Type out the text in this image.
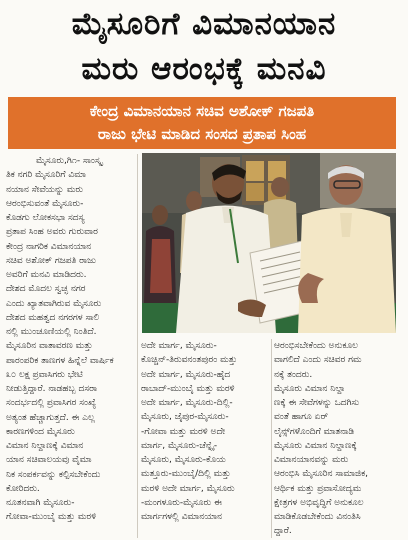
ಮೈಸೂರಿಗೆ ವಿಮಾನಯಾನ
ಮರು ಆರಂಭಕ್ಕೆ ಮನವಿ
ಕೇಂದ್ರ ವಿಮಾನಯಾನ ಸಚಿವ ಅಶೋಕ್ ಗಜಪತಿ
ರಾಜು ಭೇಟಿ ಮಾಡಿದ ಸಂಸದ ಪ್ರತಾಪ ಸಿಂಹ
ಮೈಸೂರು,ಗಿ೧- ಸಾಂಸ್ಕೃ
ತಿಕ ನಗರಿ ಮೈಸೂರಿಗೆ ವಿಮಾ
ನಯಾನ ಸೇವೆಯನ್ನು ಮರು
ಆರಂಭಿಸುವಂತೆ ಮೈಸೂರು-
ಕೊಡಗು ಲೋಕಸಭಾ ಸದಸ್ಯ
ಪ್ರತಾಪ ಸಿಂಹ ಅವರು ಗುರುವಾರ
ಕೇಂದ್ರ ನಾಗರಿಕ ವಿಮಾನಯಾನ
ಸಚಿವ ಅಶೋಕ್ ಗಜಪತಿ ರಾಜು
ಅವರಿಗೆ ಮನವಿ ಮಾಡಿದರು.
ದೇಶದ ಮೊದಲ ಸ್ವಚ್ಛ ನಗರ
ಎಂದು ಖ್ಯಾತವಾಗಿರುವ ಮೈಸೂರು
ದೇಶದ ಮಹತ್ವದ ನಗರಗಳ ಸಾಲಿ
ನಲ್ಲಿ ಮುಂಚೂಣಿಯಲ್ಲಿ ನಿಂತಿದೆ.
ಮೈಸೂರಿನ ವಾತಾವರಣ ಮತ್ತು
ಪಾರಂಪರಿಕ ತಾಣಗಳ ಹಿನ್ನೆಲೆ ವಾರ್ಷಿಕ
೩೦ ಲಕ್ಷ ಪ್ರವಾಸಿಗರು ಭೇಟಿ
ನೀಡುತ್ತಿದ್ದಾರೆ. ನಾಡಹಬ್ಬ ದಸರಾ
ಸಂದರ್ಭದಲ್ಲಿ ಪ್ರವಾಸಿಗರ ಸಂಖ್ಯೆ
ಅತ್ಯಂತ ಹೆಚ್ಚಾಗುತ್ತದೆ. ಈ ಎಲ್ಲ
ಕಾರಣಗಳಿಂದ ಮೈಸೂರು
ವಿಮಾನ ನಿಲ್ದಾಣಕ್ಕೆ ವಿಮಾನ
ಯಾನ ಸಚಿವಾಲಯವು ವೈಮಾ
ನಿಕ ಸಂಪರ್ಕವನ್ನು ಕಲ್ಪಿಸಬೇಕೆಂದು
ಕೋರಿದರು.
ನೂತನವಾಗಿ ಮೈಸೂರು-
ಗೋವಾ-ಮುಂಬೈ ಮತ್ತು ಮರಳಿ
ಅದೇ ಮಾರ್ಗ, ಮೈಸೂರು-
ಕೊಚ್ಚಿನ್-ತಿರುವನಂತಪುರಂ ಮತ್ತು
ಅದೇ ಮಾರ್ಗ, ಮೈಸೂರು-ಹೈದ
ರಾಬಾದ್-ಮುಂಬೈ ಮತ್ತು ಮರಳಿ
ಅದೇ ಮಾರ್ಗ, ಮೈಸೂರು-ದಿಲ್ಲಿ-
ಮೈಸೂರು, ಜೈಪುರ-ಮೈಸೂರು-
-ಗೋವಾ ಮತ್ತು ಮರಳಿ ಅದೇ
ಮಾರ್ಗ, ಮೈಸೂರು-ಚೆನ್ನೈ-
ಮೈಸೂರು, ಮೈಸೂರು-ಕೊಯ
ಮತ್ತೂರು-ಮುಂಬೈ/ದಿಲ್ಲಿ ಮತ್ತು
ಮರಳಿ ಅದೇ ಮಾರ್ಗ, ಮೈಸೂರು
-ಮಂಗಳೂರು-ಮೈಸೂರು ಈ
ಮಾರ್ಗಗಳಲ್ಲಿ ವಿಮಾನಯಾನ
ಆರಂಭಿಸಬೇಕೆಂದು ಅನುಕೂಲ
ವಾಗಲಿದೆ ಎಂದು ಸಚಿವರ ಗಮ
ನಕ್ಕೆ ತಂದರು.
ಮೈಸೂರು ವಿಮಾನ ನಿಲ್ದಾ
ಣಕ್ಕೆ ಈ ಸೇವೆಗಳನ್ನು ಒದಗಿಸು
ವಂತೆ ಹಾಗೂ ಏರ್
ಲೈನ್ಸ್‌ಗಳೊಂದಿಗೆ ಮಾತನಾಡಿ
ಮೈಸೂರು ವಿಮಾನ ನಿಲ್ದಾಣಕ್ಕೆ
ವಿಮಾನಯಾನವನ್ನು ಮರು
ಆರಂಭಿಸಿ ಮೈಸೂರಿನ ಸಾಮಾಜಿಕ,
ಆರ್ಥಿಕ ಮತ್ತು ಪ್ರವಾಸೋದ್ಯಮ
ಕ್ಷೇತ್ರಗಳ ಅಭಿವೃದ್ಧಿಗೆ ಅನುಕೂಲ
ಮಾಡಿಕೊಡಬೇಕೆಂದು ವಿನಂತಿಸಿ
ದ್ದಾರೆ.
